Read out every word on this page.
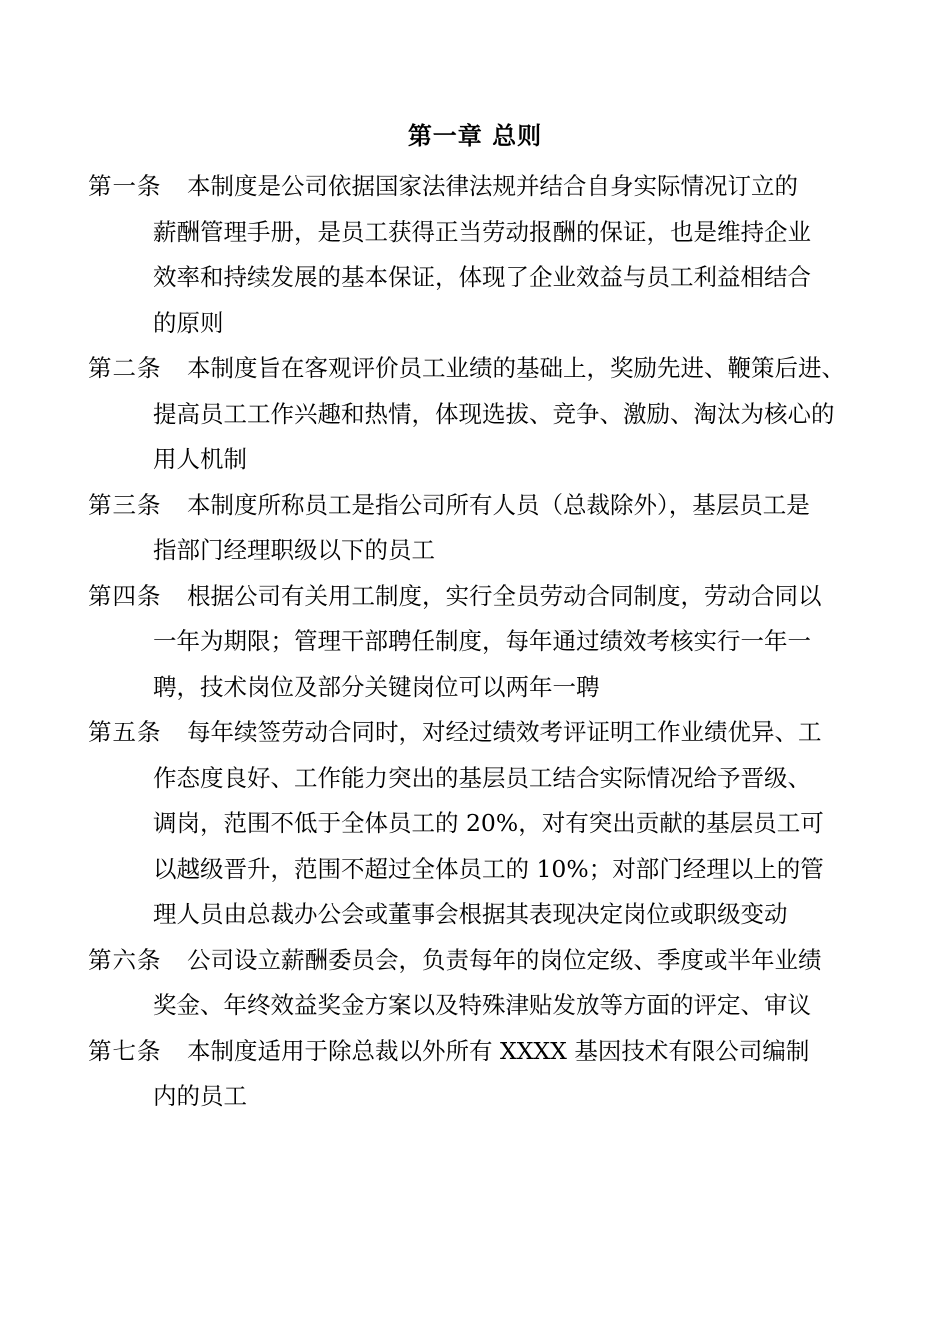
第一章 总则
第一条	本制度是公司依据国家法律法规并结合自身实际情况订立的
薪酬管理手册，是员工获得正当劳动报酬的保证，也是维持企业
效率和持续发展的基本保证，体现了企业效益与员工利益相结合
的原则
第二条	本制度旨在客观评价员工业绩的基础上，奖励先进、鞭策后进、
提高员工工作兴趣和热情，体现选拔、竞争、激励、淘汰为核心的
用人机制
第三条	本制度所称员工是指公司所有人员（总裁除外），基层员工是
指部门经理职级以下的员工
第四条	根据公司有关用工制度，实行全员劳动合同制度，劳动合同以
一年为期限；管理干部聘任制度，每年通过绩效考核实行一年一
聘，技术岗位及部分关键岗位可以两年一聘
第五条	每年续签劳动合同时，对经过绩效考评证明工作业绩优异、工
作态度良好、工作能力突出的基层员工结合实际情况给予晋级、
调岗，范围不低于全体员工的 20%，对有突出贡献的基层员工可
以越级晋升，范围不超过全体员工的 10%；对部门经理以上的管
理人员由总裁办公会或董事会根据其表现决定岗位或职级变动
第六条	公司设立薪酬委员会，负责每年的岗位定级、季度或半年业绩
奖金、年终效益奖金方案以及特殊津贴发放等方面的评定、审议
第七条	本制度适用于除总裁以外所有 XXXX 基因技术有限公司编制
内的员工
